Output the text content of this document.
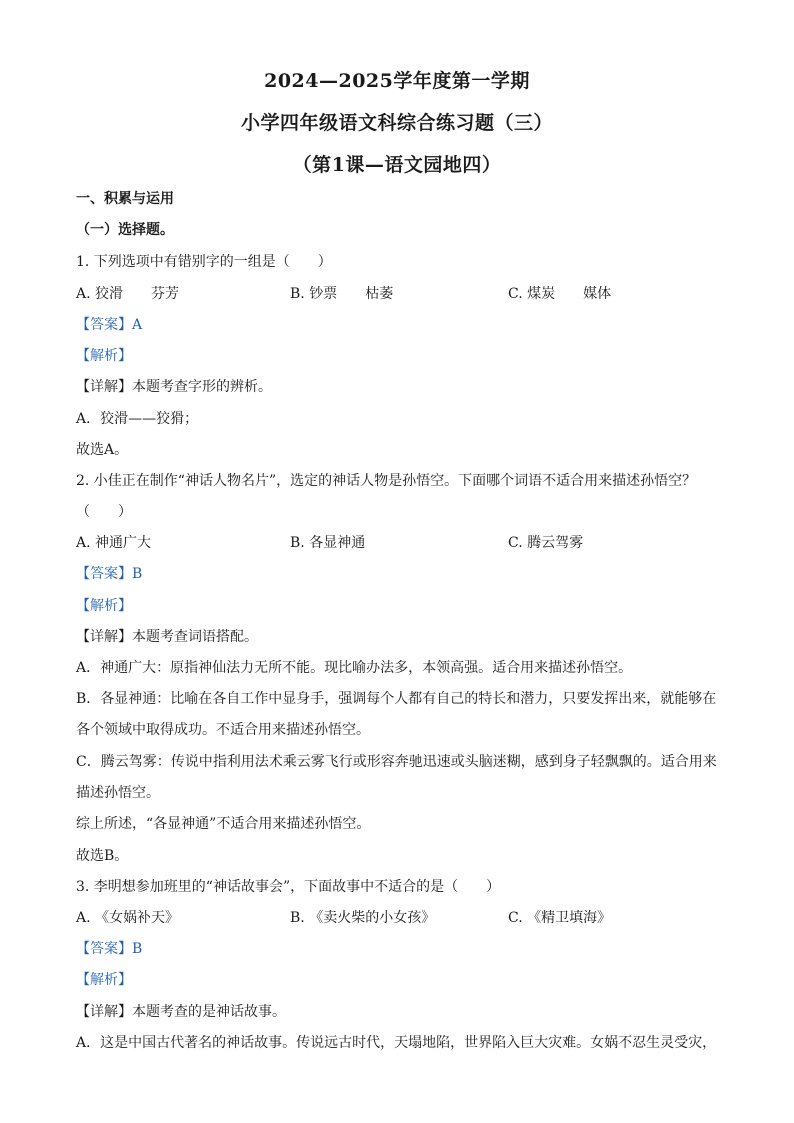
2024—2025学年度第一学期
小学四年级语文科综合练习题（三）
（第1课—语文园地四）
一、积累与运用
（一）选择题。
1. 下列选项中有错别字的一组是（　　）
A. 狡滑　　芬芳	B. 钞票　　枯萎	C. 煤炭　　媒体
【答案】A
【解析】
【详解】本题考查字形的辨析。
A．狡滑——狡猾；
故选A。
2. 小佳正在制作“神话人物名片”，选定的神话人物是孙悟空。下面哪个词语不适合用来描述孙悟空？
（　　）
A. 神通广大	B. 各显神通	C. 腾云驾雾
【答案】B
【解析】
【详解】本题考查词语搭配。
A．神通广大：原指神仙法力无所不能。现比喻办法多，本领高强。适合用来描述孙悟空。
B．各显神通：比喻在各自工作中显身手，强调每个人都有自己的特长和潜力，只要发挥出来，就能够在
各个领域中取得成功。不适合用来描述孙悟空。
C．腾云驾雾：传说中指利用法术乘云雾飞行或形容奔驰迅速或头脑迷糊，感到身子轻飘飘的。适合用来
描述孙悟空。
综上所述，“各显神通”不适合用来描述孙悟空。
故选B。
3. 李明想参加班里的“神话故事会”，下面故事中不适合的是（　　）
A. 《女娲补天》	B. 《卖火柴的小女孩》	C. 《精卫填海》
【答案】B
【解析】
【详解】本题考查的是神话故事。
A．这是中国古代著名的神话故事。传说远古时代，天塌地陷，世界陷入巨大灾难。女娲不忍生灵受灾，
